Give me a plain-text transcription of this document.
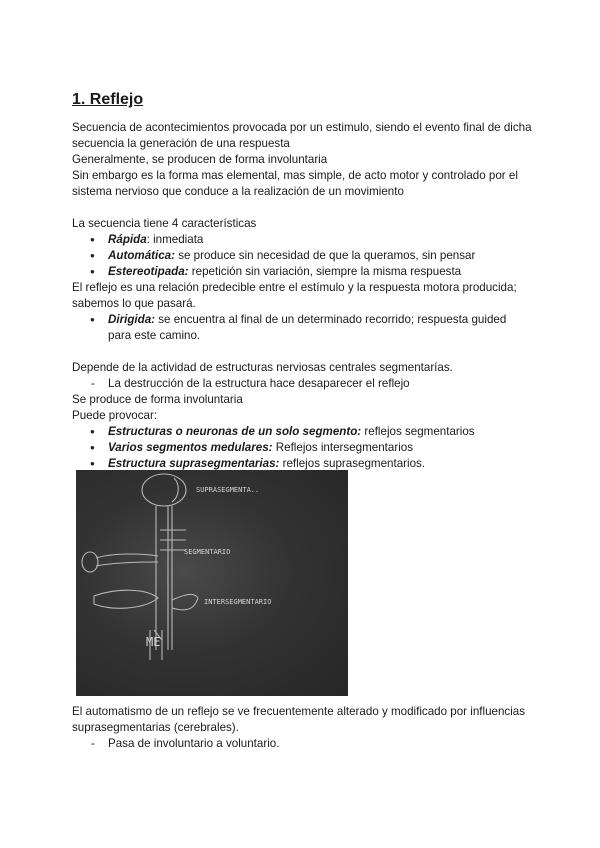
1. Reflejo

Secuencia de acontecimientos provocada por un estimulo, siendo el evento final de dicha secuencia la generación de una respuesta

Generalmente, se producen de forma involuntaria

Sin embargo es la forma mas elemental, mas simple, de acto motor y controlado por el sistema nervioso que conduce a la realización de un movimiento

La secuencia tiene 4 características

● Rápida: inmediata
● Automática: se produce sin necesidad de que la queramos, sin pensar
● Estereotipada: repetición sin variación, siempre la misma respuesta

El reflejo es una relación predecible entre el estímulo y la respuesta motora producida; sabemos lo que pasará.

● Dirigida: se encuentra al final de un determinado recorrido; respuesta guided para este camino.

Depende de la actividad de estructuras nerviosas centrales segmentarías.

- La destrucción de la estructura hace desaparecer el reflejo

Se produce de forma involuntaria

Puede provocar:

● Estructuras o neuronas de un solo segmento: reflejos segmentarios
● Varios segmentos medulares: Reflejos intersegmentarios
● Estructura suprasegmentarias: reflejos suprasegmentarios.
SUPRASEGMENTA..
SEGMENTARIO
INTERSEGMENTARIO
ME

El automatismo de un reflejo se ve frecuentemente alterado y modificado por influencias suprasegmentarias (cerebrales).

- Pasa de involuntario a voluntario.
